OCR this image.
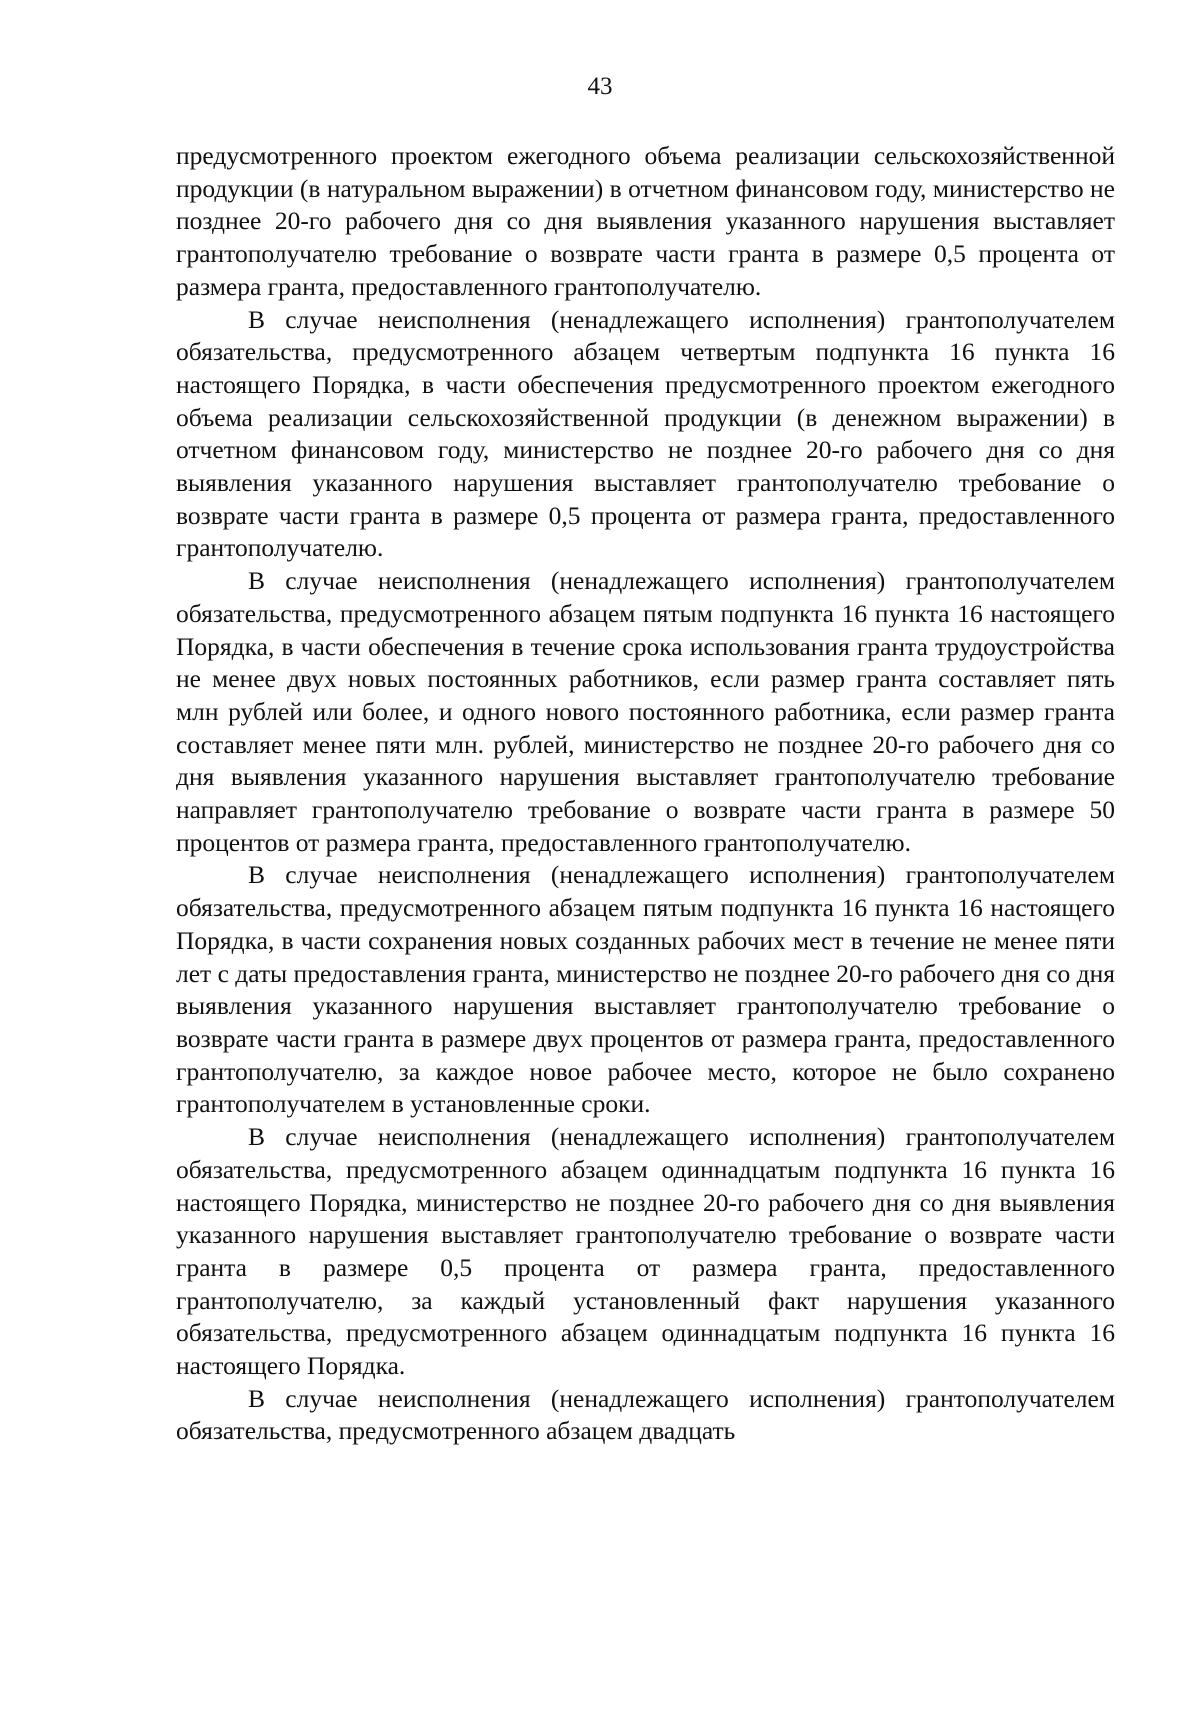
43

предусмотренного проектом ежегодного объема реализации сельскохозяйственной продукции (в натуральном выражении) в отчетном финансовом году, министерство не позднее 20-го рабочего дня со дня выявления указанного нарушения выставляет грантополучателю требование о возврате части гранта в размере 0,5 процента от размера гранта, предоставленного грантополучателю.

В случае неисполнения (ненадлежащего исполнения) грантополучателем обязательства, предусмотренного абзацем четвертым подпункта 16 пункта 16 настоящего Порядка, в части обеспечения предусмотренного проектом ежегодного объема реализации сельскохозяйственной продукции (в денежном выражении) в отчетном финансовом году, министерство не позднее 20-го рабочего дня со дня выявления указанного нарушения выставляет грантополучателю требование о возврате части гранта в размере 0,5 процента от размера гранта, предоставленного грантополучателю.

В случае неисполнения (ненадлежащего исполнения) грантополучателем обязательства, предусмотренного абзацем пятым подпункта 16 пункта 16 настоящего Порядка, в части обеспечения в течение срока использования гранта трудоустройства не менее двух новых постоянных работников, если размер гранта составляет пять млн рублей или более, и одного нового постоянного работника, если размер гранта составляет менее пяти млн. рублей, министерство не позднее 20-го рабочего дня со дня выявления указанного нарушения выставляет грантополучателю требование направляет грантополучателю требование о возврате части гранта в размере 50 процентов от размера гранта, предоставленного грантополучателю.

В случае неисполнения (ненадлежащего исполнения) грантополучателем обязательства, предусмотренного абзацем пятым подпункта 16 пункта 16 настоящего Порядка, в части сохранения новых созданных рабочих мест в течение не менее пяти лет с даты предоставления гранта, министерство не позднее 20-го рабочего дня со дня выявления указанного нарушения выставляет грантополучателю требование о возврате части гранта в размере двух процентов от размера гранта, предоставленного грантополучателю, за каждое новое рабочее место, которое не было сохранено грантополучателем в установленные сроки.

В случае неисполнения (ненадлежащего исполнения) грантополучателем обязательства, предусмотренного абзацем одиннадцатым подпункта 16 пункта 16 настоящего Порядка, министерство не позднее 20-го рабочего дня со дня выявления указанного нарушения выставляет грантополучателю требование о возврате части гранта в размере 0,5 процента от размера гранта, предоставленного грантополучателю, за каждый установленный факт нарушения указанного обязательства, предусмотренного абзацем одиннадцатым подпункта 16 пункта 16 настоящего Порядка.

В случае неисполнения (ненадлежащего исполнения) грантополучателем обязательства, предусмотренного абзацем двадцать
